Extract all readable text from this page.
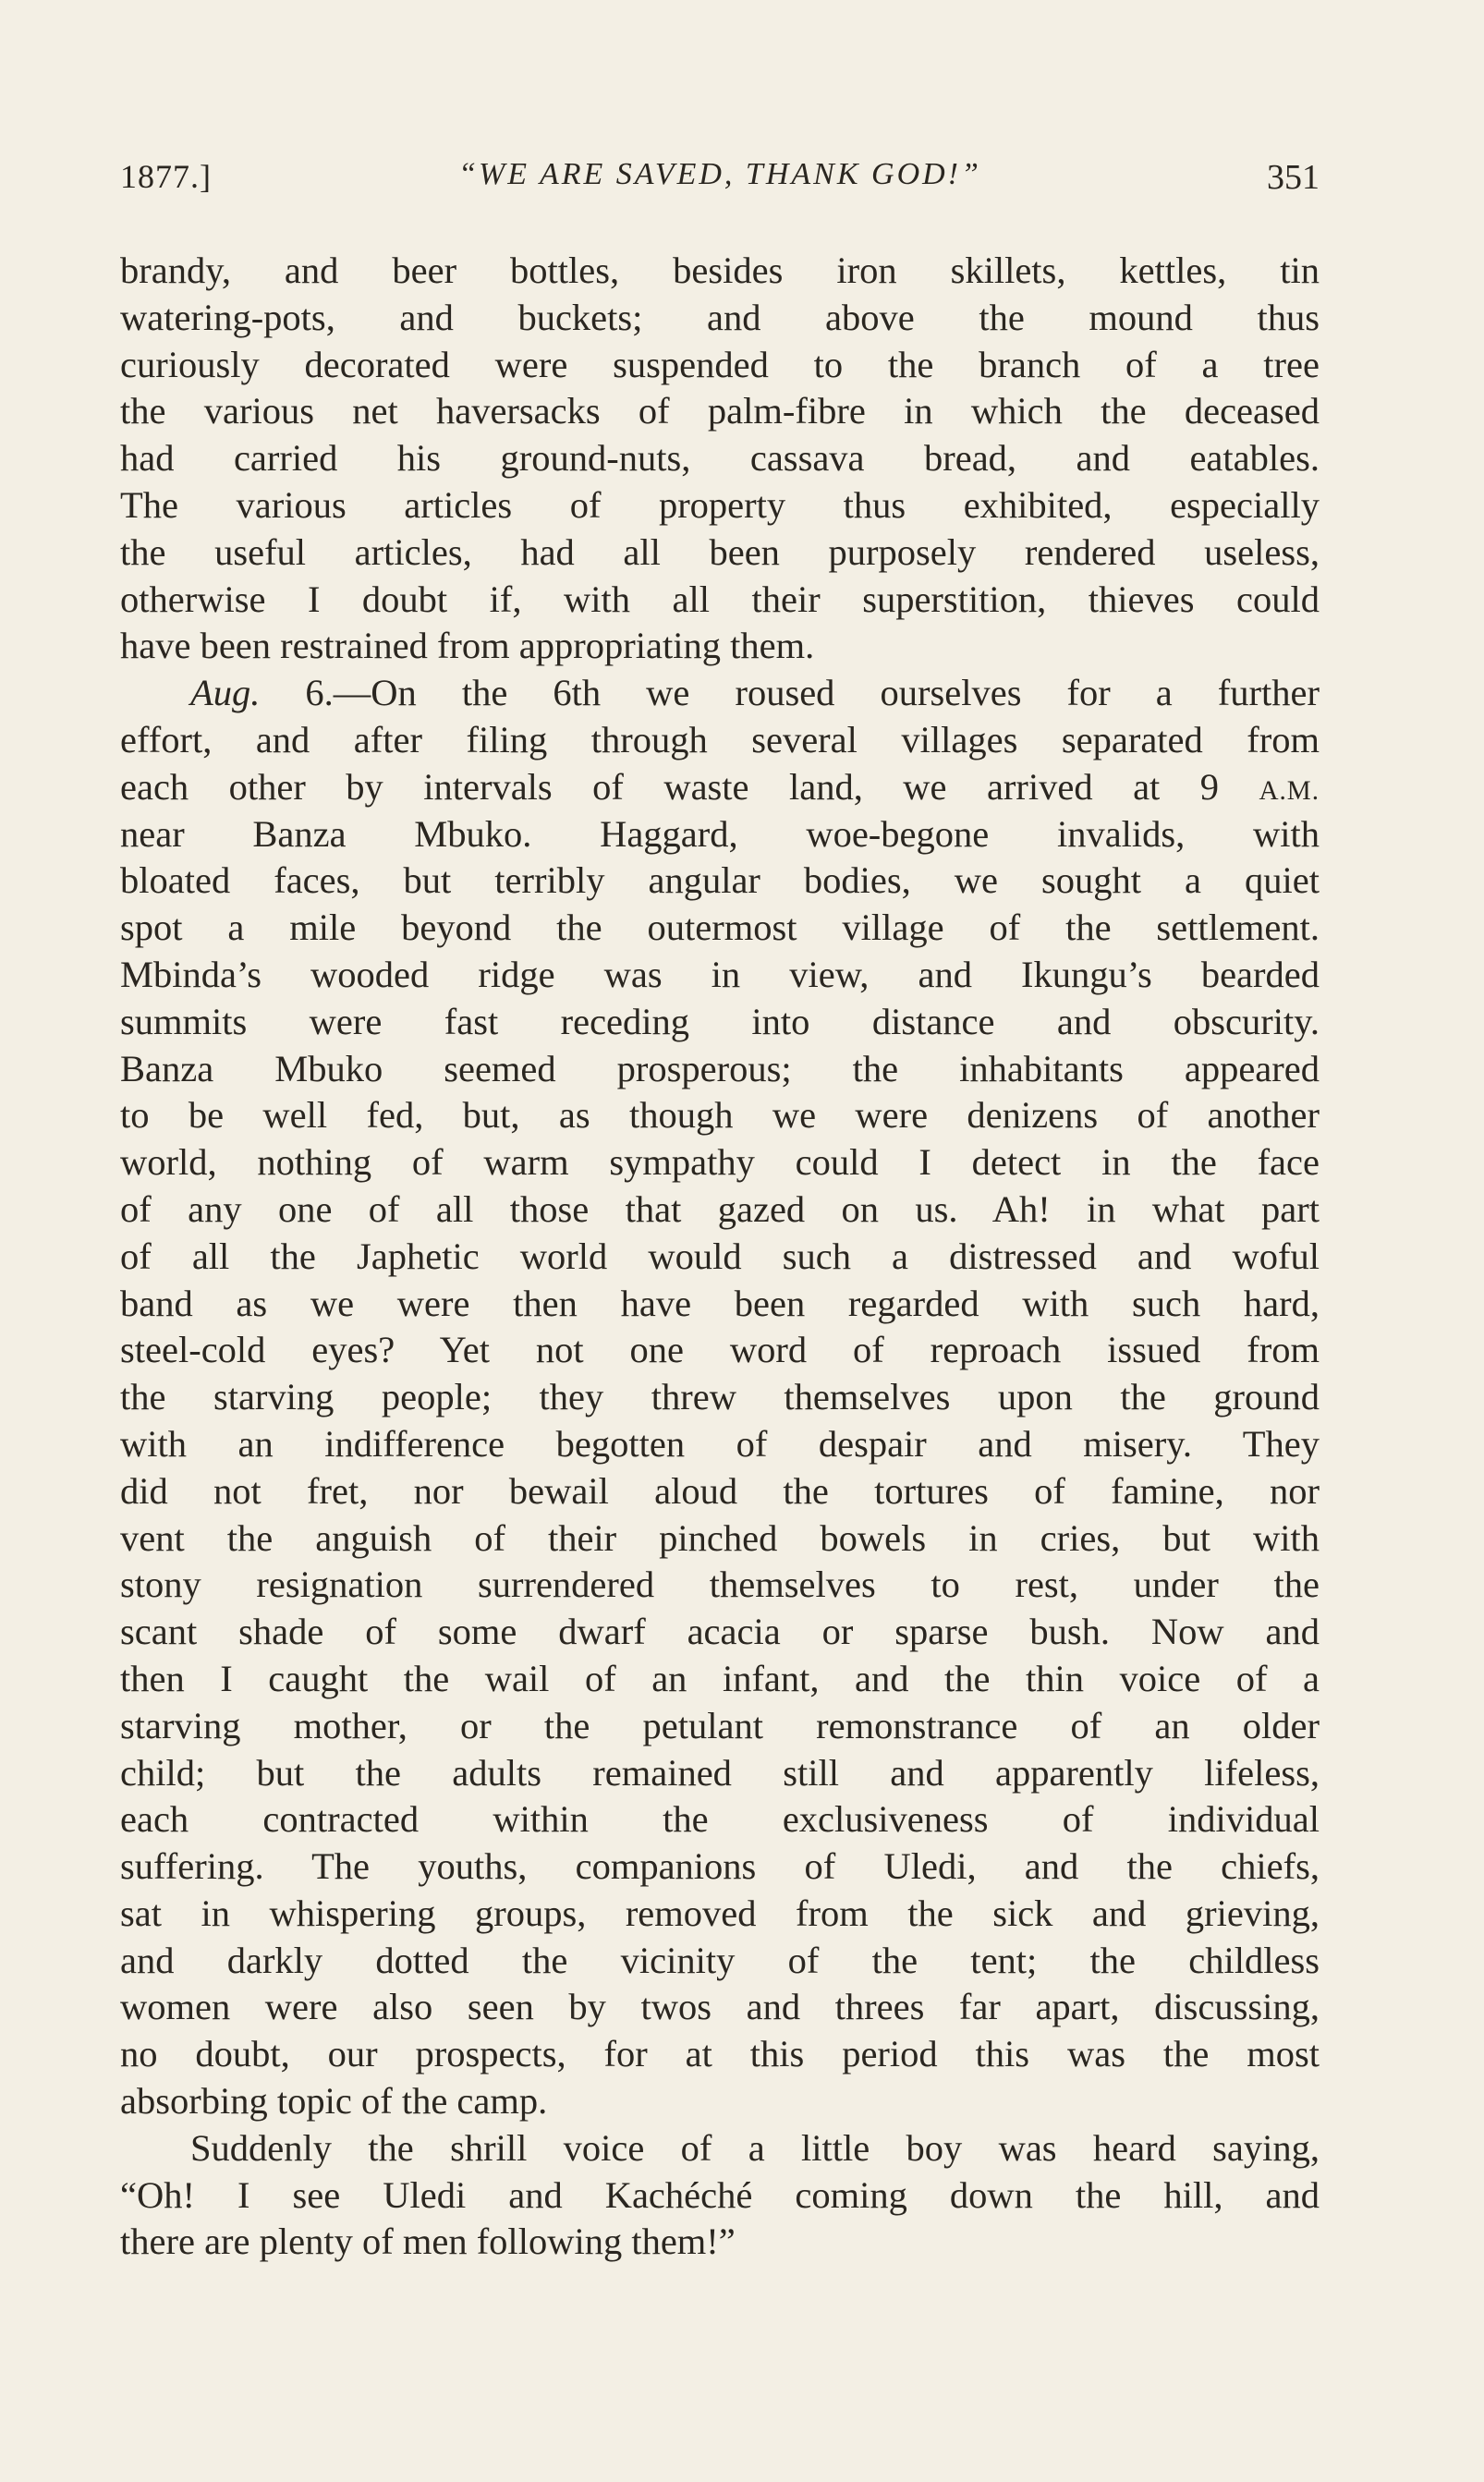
1877.]	“WE ARE SAVED, THANK GOD!”	351
brandy, and beer bottles, besides iron skillets, kettles, tin
watering-pots, and buckets; and above the mound thus
curiously decorated were suspended to the branch of a tree
the various net haversacks of palm-fibre in which the deceased
had carried his ground-nuts, cassava bread, and eatables.
The various articles of property thus exhibited, especially
the useful articles, had all been purposely rendered useless,
otherwise I doubt if, with all their superstition, thieves could
have been restrained from appropriating them.
Aug. 6.—On the 6th we roused ourselves for a further
effort, and after filing through several villages separated from
each other by intervals of waste land, we arrived at 9 A.M.
near Banza Mbuko. Haggard, woe-begone invalids, with
bloated faces, but terribly angular bodies, we sought a quiet
spot a mile beyond the outermost village of the settlement.
Mbinda’s wooded ridge was in view, and Ikungu’s bearded
summits were fast receding into distance and obscurity.
Banza Mbuko seemed prosperous; the inhabitants appeared
to be well fed, but, as though we were denizens of another
world, nothing of warm sympathy could I detect in the face
of any one of all those that gazed on us. Ah! in what part
of all the Japhetic world would such a distressed and woful
band as we were then have been regarded with such hard,
steel-cold eyes? Yet not one word of reproach issued from
the starving people; they threw themselves upon the ground
with an indifference begotten of despair and misery. They
did not fret, nor bewail aloud the tortures of famine, nor
vent the anguish of their pinched bowels in cries, but with
stony resignation surrendered themselves to rest, under the
scant shade of some dwarf acacia or sparse bush. Now and
then I caught the wail of an infant, and the thin voice of a
starving mother, or the petulant remonstrance of an older
child; but the adults remained still and apparently lifeless,
each contracted within the exclusiveness of individual
suffering. The youths, companions of Uledi, and the chiefs,
sat in whispering groups, removed from the sick and grieving,
and darkly dotted the vicinity of the tent; the childless
women were also seen by twos and threes far apart, discussing,
no doubt, our prospects, for at this period this was the most
absorbing topic of the camp.
Suddenly the shrill voice of a little boy was heard saying,
“Oh! I see Uledi and Kachéché coming down the hill, and
there are plenty of men following them!”
